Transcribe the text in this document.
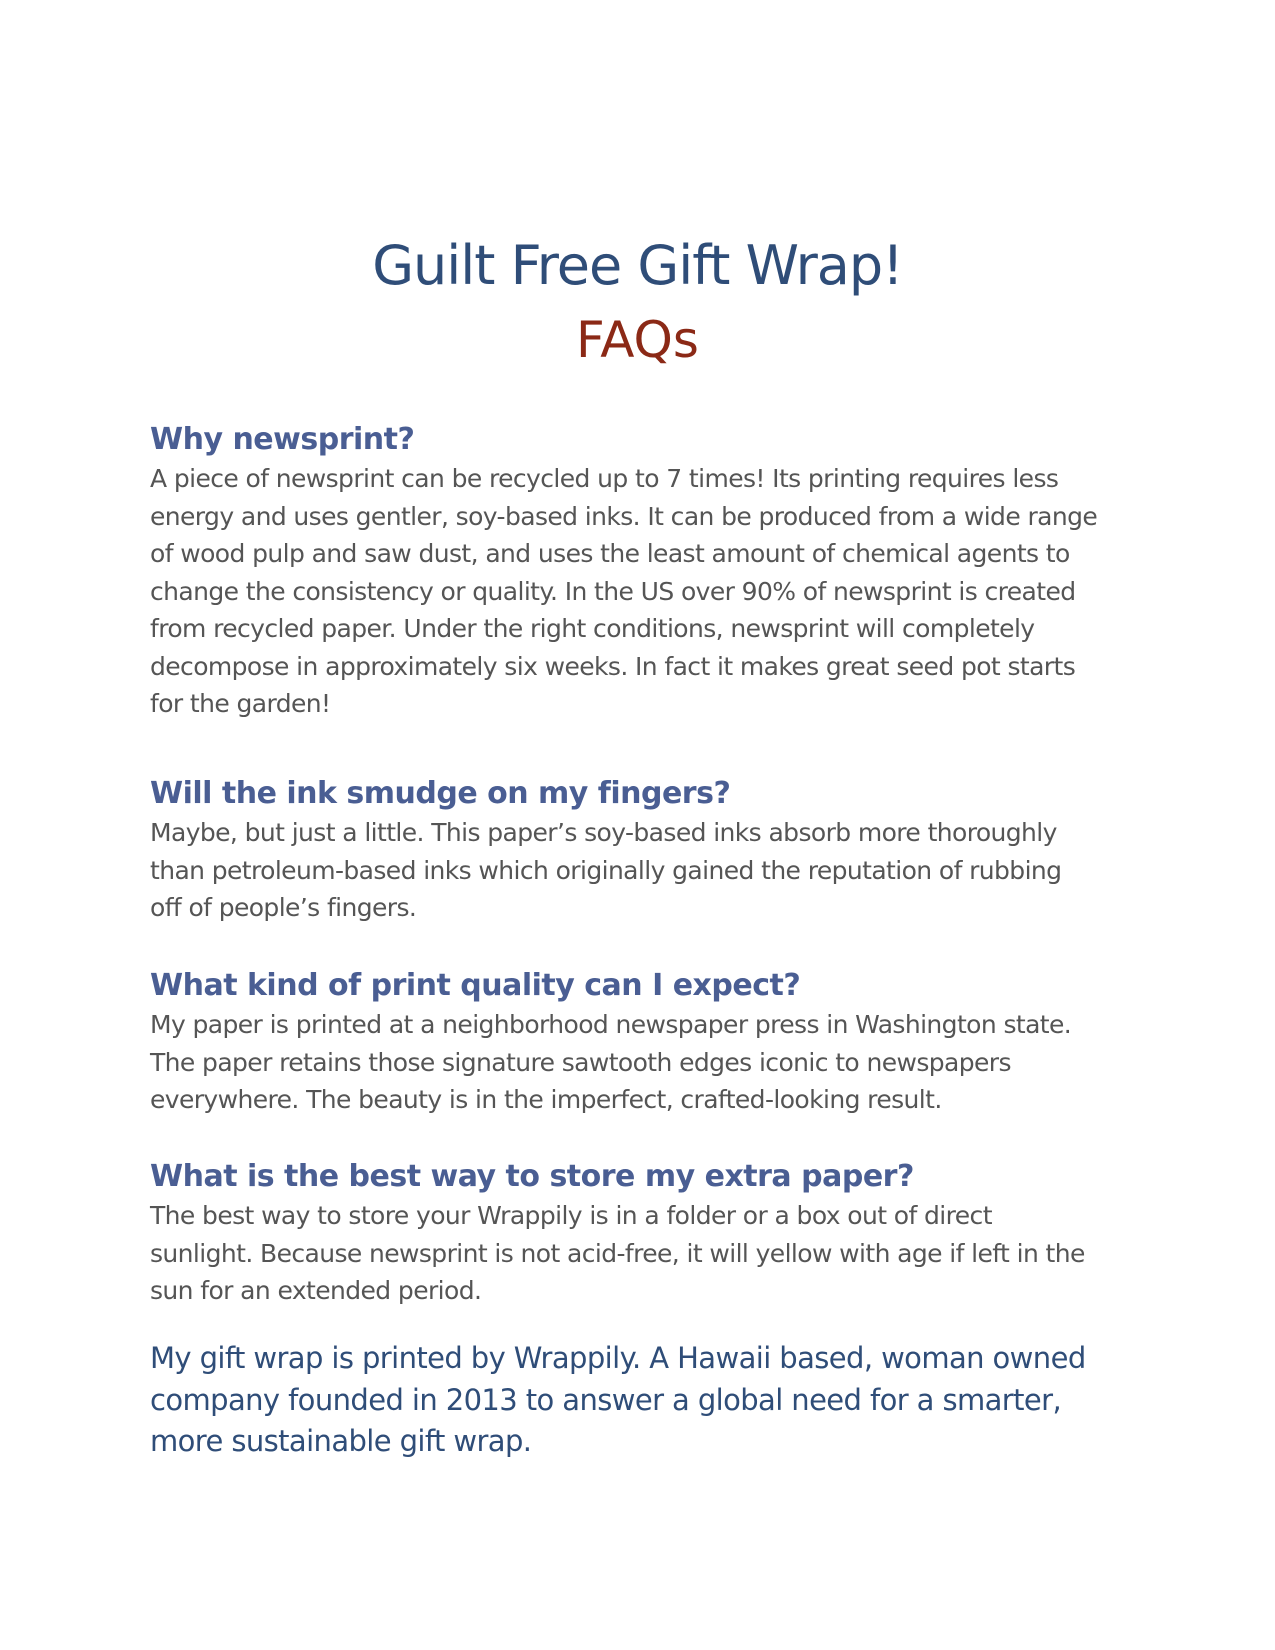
Guilt Free Gift Wrap!
FAQs
Why newsprint?
A piece of newsprint can be recycled up to 7 times! Its printing requires less
energy and uses gentler, soy-based inks. It can be produced from a wide range
of wood pulp and saw dust, and uses the least amount of chemical agents to
change the consistency or quality. In the US over 90% of newsprint is created
from recycled paper. Under the right conditions, newsprint will completely
decompose in approximately six weeks. In fact it makes great seed pot starts
for the garden!
Will the ink smudge on my fingers?
Maybe, but just a little. This paper’s soy-based inks absorb more thoroughly
than petroleum-based inks which originally gained the reputation of rubbing
off of people’s fingers.
What kind of print quality can I expect?
My paper is printed at a neighborhood newspaper press in Washington state.
The paper retains those signature sawtooth edges iconic to newspapers
everywhere. The beauty is in the imperfect, crafted-looking result.
What is the best way to store my extra paper?
The best way to store your Wrappily is in a folder or a box out of direct
sunlight. Because newsprint is not acid-free, it will yellow with age if left in the
sun for an extended period.
My gift wrap is printed by Wrappily. A Hawaii based, woman owned
company founded in 2013 to answer a global need for a smarter,
more sustainable gift wrap.
